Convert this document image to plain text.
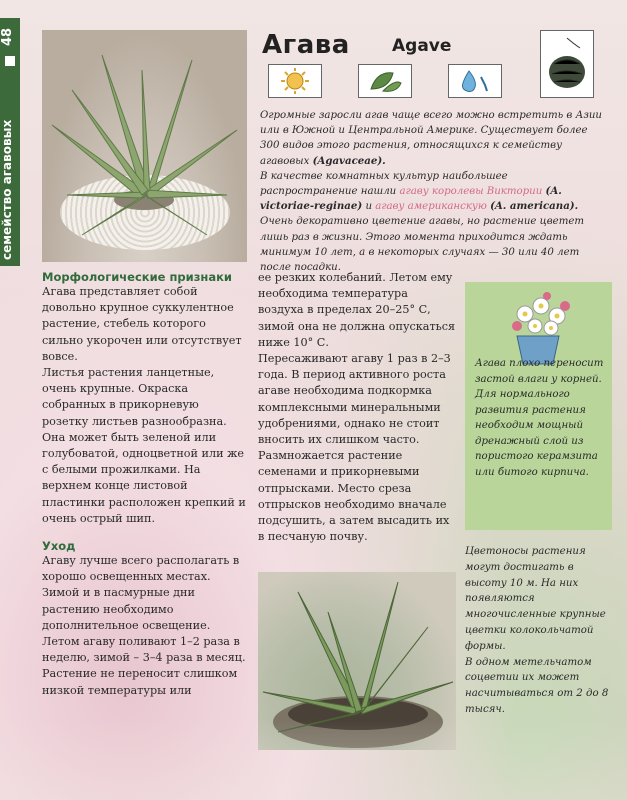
48
семейство агавовых
Агава Agave

Огромные заросли агав чаще всего можно встретить в Азии или в Южной и Центральной Америке. Существует более 300 видов этого растения, относящихся к семейству агавовых (Agavaceae).

В качестве комнатных культур наибольшее распространение нашли агаву королевы Виктории (A. victoriae-reginae) и агаву американскую (A. americana).

Очень декоративно цветение агавы, но растение цветет лишь раз в жизни. Этого момента приходится ждать минимум 10 лет, а в некоторых случаях — 30 или 40 лет после посадки.

Морфологические признаки

Агава представляет собой довольно крупное суккулентное растение, стебель которого сильно укорочен или отсутствует вовсе.

Листья растения ланцетные, очень крупные. Окраска собранных в прикорневую розетку листьев разнообразна. Она может быть зеленой или голубоватой, одноцветной или же с белыми прожилками. На верхнем конце листовой пластинки расположен крепкий и очень острый шип.

Уход

Агаву лучше всего располагать в хорошо освещенных местах. Зимой и в пасмурные дни растению необходимо дополнительное освещение.

Летом агаву поливают 1–2 раза в неделю, зимой – 3–4 раза в месяц.

Растение не переносит слишком низкой температуры или

ее резких колебаний. Летом ему необходима температура воздуха в пределах 20–25° С, зимой она не должна опускаться ниже 10° С.

Пересаживают агаву 1 раз в 2–3 года. В период активного роста агаве необходима подкормка комплексными минеральными удобрениями, однако не стоит вносить их слишком часто.

Размножается растение семенами и прикорневыми отпрысками. Место среза отпрысков необходимо вначале подсушить, а затем высадить их в песчаную почву.

Агава плохо переносит застой влаги у корней.

Для нормального развития растения необходим мощный дренажный слой из пористого керамзита или битого кирпича.

Цветоносы растения могут достигать в высоту 10 м. На них появляются многочисленные крупные цветки колокольчатой формы.

В одном метельчатом соцветии их может насчитываться от 2 до 8 тысяч.
